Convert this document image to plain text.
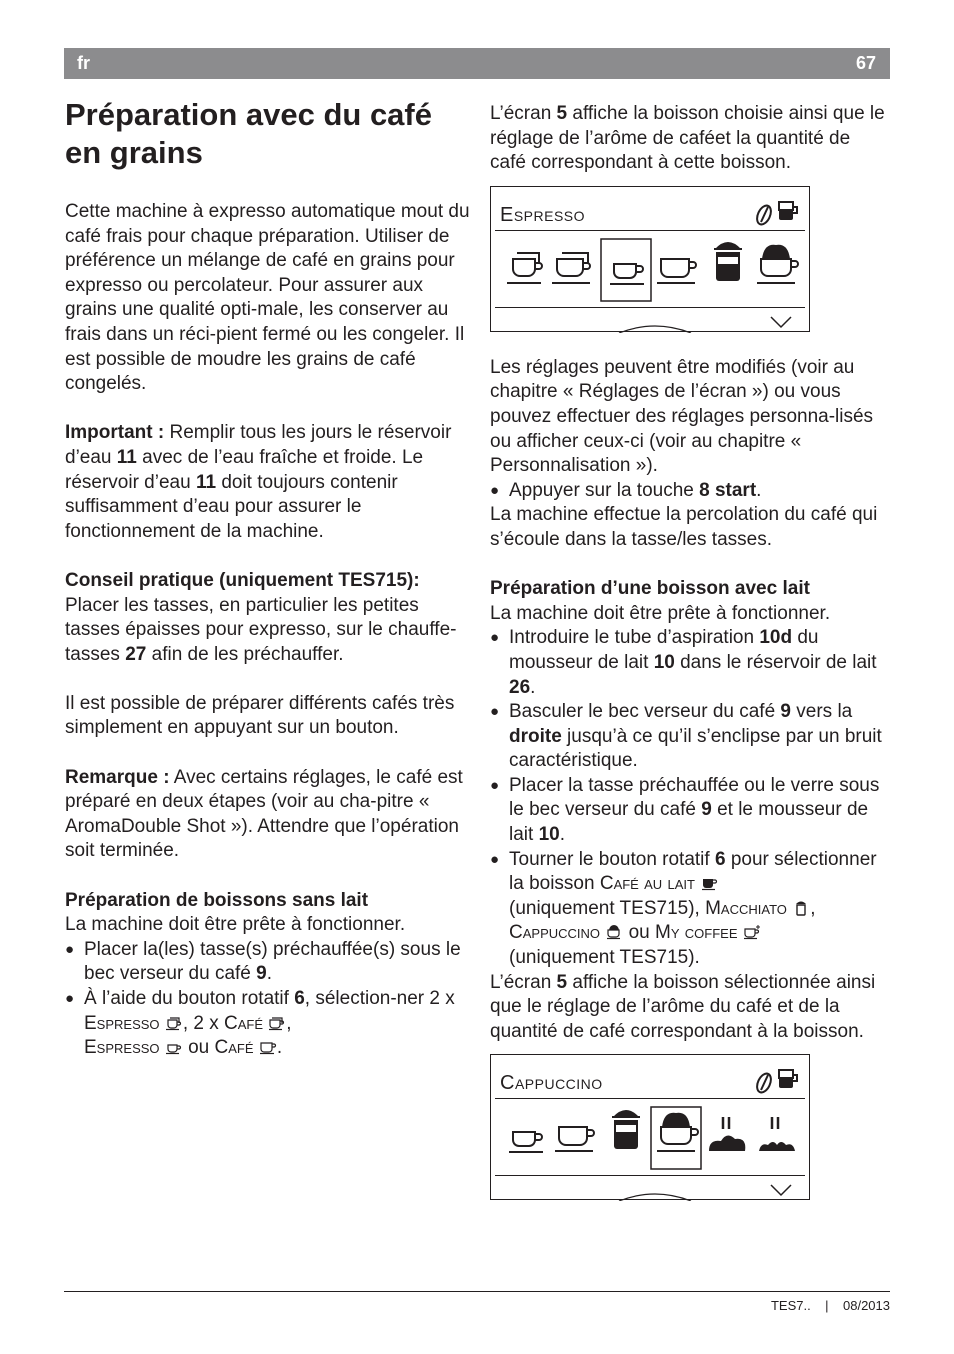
fr	67
Préparation avec du café en grains

Cette machine à expresso automatique mout du café frais pour chaque préparation. Utiliser de préférence un mélange de café en grains pour expresso ou percolateur. Pour assurer aux grains une qualité opti-male, les conserver au frais dans un réci-pient fermé ou les congeler. Il est possible de moudre les grains de café congelés.

Important : Remplir tous les jours le réservoir d’eau 11 avec de l’eau fraîche et froide. Le réservoir d’eau 11 doit toujours contenir suffisamment d’eau pour assurer le fonctionnement de la machine.

Conseil pratique (uniquement TES715):
Placer les tasses, en particulier les petites tasses épaisses pour expresso, sur le chauffe-tasses 27 afin de les préchauffer.

Il est possible de préparer différents cafés très simplement en appuyant sur un bouton.

Remarque : Avec certains réglages, le café est préparé en deux étapes (voir au cha-pitre « AromaDouble Shot »). Attendre que l’opération soit terminée.

Préparation de boissons sans lait

La machine doit être prête à fonctionner.

● Placer la(les) tasse(s) préchauffée(s) sous le bec verseur du café 9.
● À l’aide du bouton rotatif 6, sélection-ner 2 x Espresso , 2 x Café ,
Espresso  ou Café .

L’écran 5 affiche la boisson choisie ainsi que le réglage de l’arôme de caféet la quantité de café correspondant à cette boisson.

Espresso

Les réglages peuvent être modifiés (voir au chapitre « Réglages de l’écran ») ou vous pouvez effectuer des réglages personna-lisés ou afficher ceux-ci (voir au chapitre « Personnalisation »).

● Appuyer sur la touche 8 start.

La machine effectue la percolation du café qui s’écoule dans la tasse/les tasses.

Préparation d’une boisson avec lait

La machine doit être prête à fonctionner.

● Introduire le tube d’aspiration 10d du mousseur de lait 10 dans le réservoir de lait 26.
● Basculer le bec verseur du café 9 vers la droite jusqu’à ce qu’il s’enclipse par un bruit caractéristique.
● Placer la tasse préchauffée ou le verre sous le bec verseur du café 9 et le mousseur de lait 10.
● Tourner le bouton rotatif 6 pour sélectionner la boisson Café au lait
(uniquement TES715), Macchiato ,
Cappuccino  ou My coffee
(uniquement TES715).

L’écran 5 affiche la boisson sélectionnée ainsi que le réglage de l’arôme du café et de la quantité de café correspondant à la boisson.

Cappuccino
TES7.. | 08/2013
